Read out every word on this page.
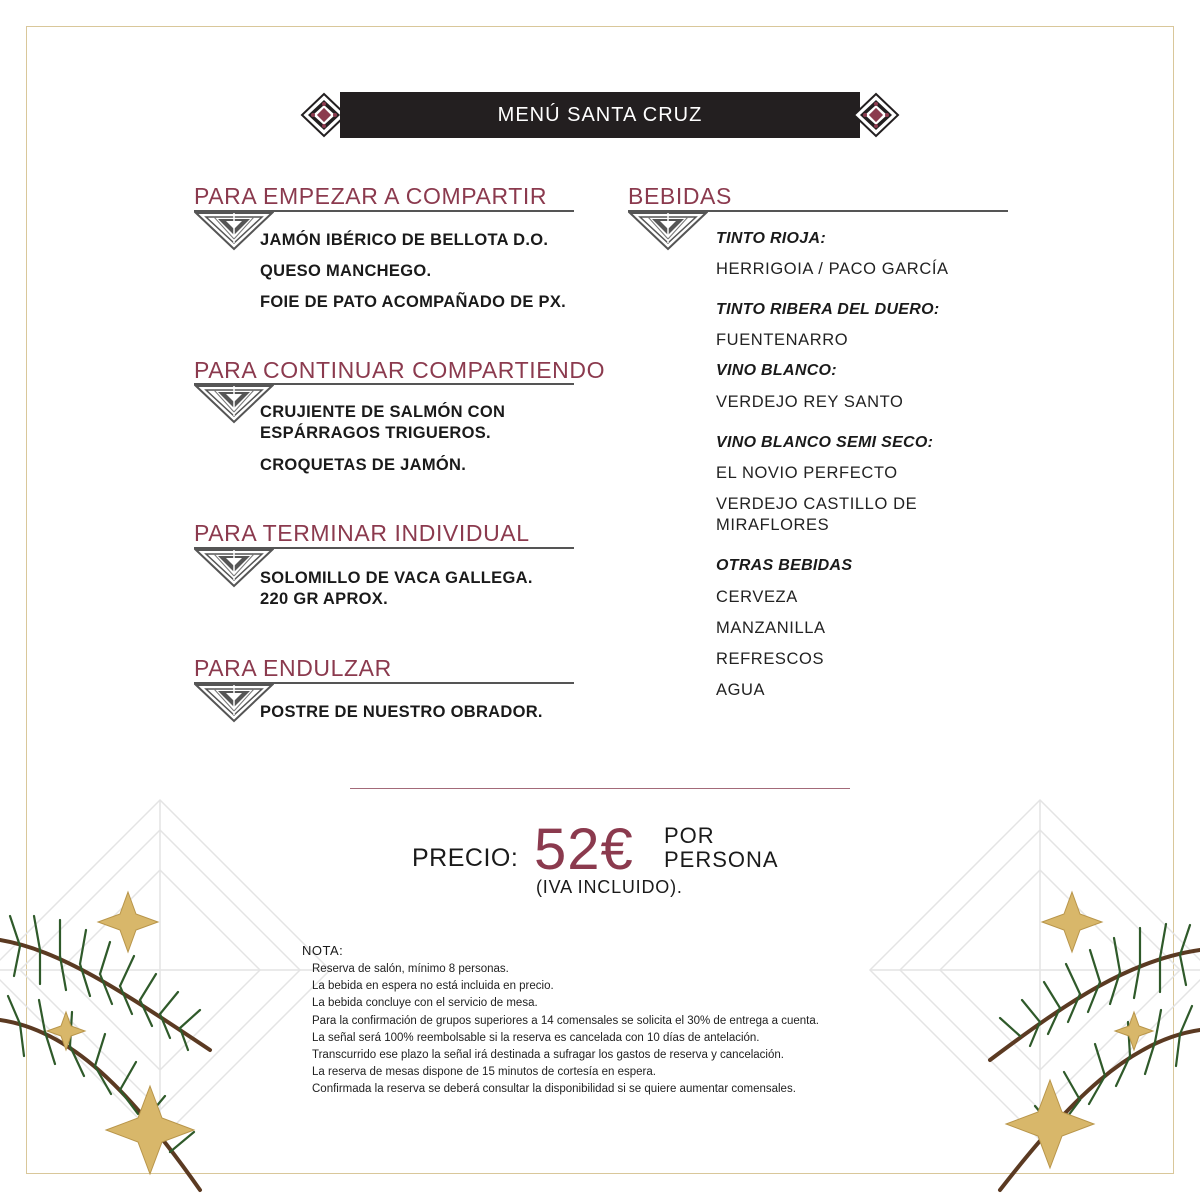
MENÚ SANTA CRUZ
PARA EMPEZAR A COMPARTIR
JAMÓN IBÉRICO DE BELLOTA D.O.
QUESO MANCHEGO.
FOIE DE PATO ACOMPAÑADO DE PX.
PARA CONTINUAR COMPARTIENDO
CRUJIENTE DE SALMÓN CON
ESPÁRRAGOS TRIGUEROS.
CROQUETAS DE JAMÓN.
PARA TERMINAR INDIVIDUAL
SOLOMILLO DE VACA GALLEGA.
220 GR APROX.
PARA ENDULZAR
POSTRE DE NUESTRO OBRADOR.
BEBIDAS
TINTO RIOJA:
HERRIGOIA / PACO GARCÍA
TINTO RIBERA DEL DUERO:
FUENTENARRO
VINO BLANCO:
VERDEJO REY SANTO
VINO BLANCO SEMI SECO:
EL NOVIO PERFECTO
VERDEJO CASTILLO DE
MIRAFLORES
OTRAS BEBIDAS
CERVEZA
MANZANILLA
REFRESCOS
AGUA
PRECIO: 52€ POR
PERSONA
(IVA INCLUIDO).
NOTA:
Reserva de salón, mínimo 8 personas.
La bebida en espera no está incluida en precio.
La bebida concluye con el servicio de mesa.
Para la confirmación de grupos superiores a 14 comensales se solicita el 30% de entrega a cuenta.
La señal será 100% reembolsable si la reserva es cancelada con 10 días de antelación.
Transcurrido ese plazo la señal irá destinada a sufragar los gastos de reserva y cancelación.
La reserva de mesas dispone de 15 minutos de cortesía en espera.
Confirmada la reserva se deberá consultar la disponibilidad si se quiere aumentar comensales.
